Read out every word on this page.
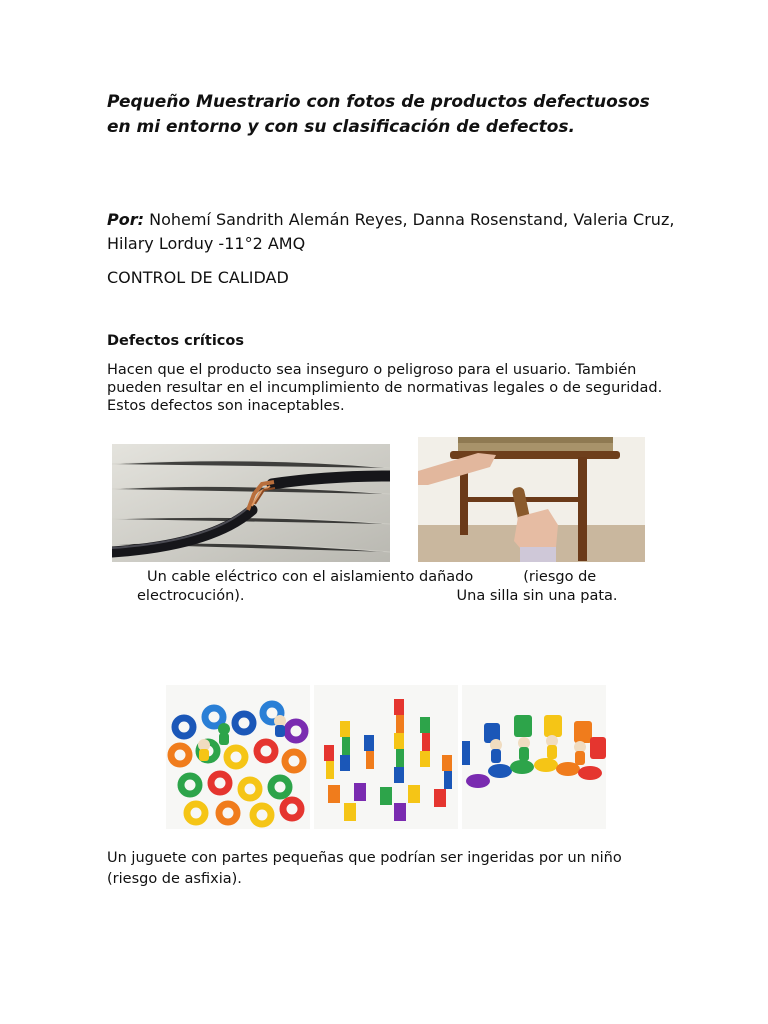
Pequeño Muestrario con fotos de productos defectuosos en mi entorno y con su clasificación de defectos.
Por: Nohemí Sandrith Alemán Reyes, Danna Rosenstand, Valeria Cruz, Hilary Lorduy -11°2 AMQ
CONTROL DE CALIDAD
Defectos críticos
Hacen que el producto sea inseguro o peligroso para el usuario. También pueden resultar en el incumplimiento de normativas legales o de seguridad. Estos defectos son inaceptables.
Un cable eléctrico con el aislamiento dañado	(riesgo de
electrocución).	Una silla sin una pata.
Un juguete con partes pequeñas que podrían ser ingeridas por un niño (riesgo de asfixia).
